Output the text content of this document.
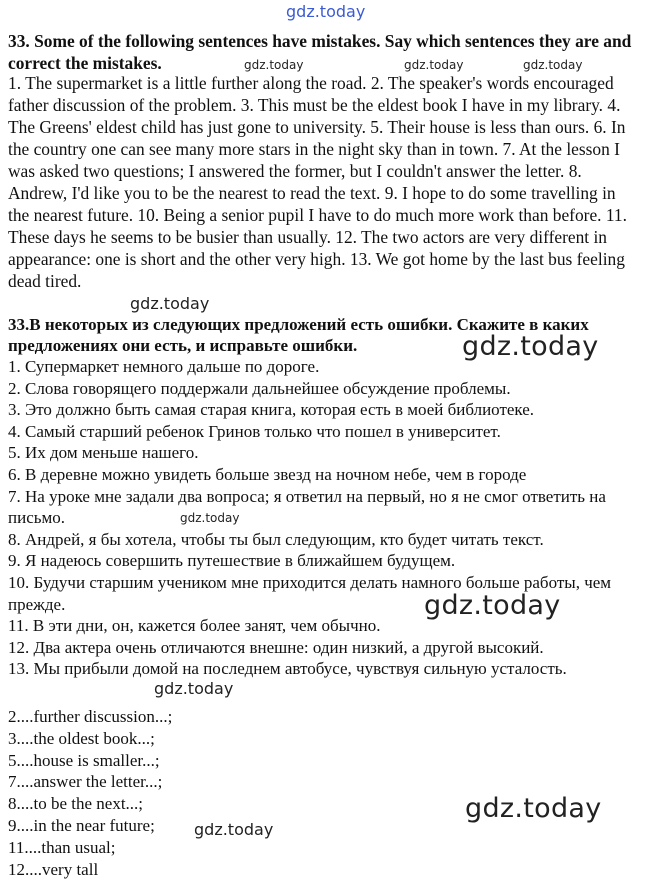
gdz.today
33. Some of the following sentences have mistakes. Say which sentences they are and correct the mistakes.
1. The supermarket is a little further along the road. 2. The speaker's words encouraged father discussion of the problem. 3. This must be the eldest book I have in my library. 4. The Greens' eldest child has just gone to university. 5. Their house is less than ours. 6. In the country one can see many more stars in the night sky than in town. 7. At the lesson I was asked two questions; I answered the former, but I couldn't answer the letter. 8. Andrew, I'd like you to be the nearest to read the text. 9. I hope to do some travelling in the nearest future. 10. Being a senior pupil I have to do much more work than before. 11. These days he seems to be busier than usually. 12. The two actors are very different in appearance: one is short and the other very high. 13. We got home by the last bus feeling dead tired.
gdz.today	gdz.today	gdz.today
gdz.today
33.В некоторых из следующих предложений есть ошибки. Скажите в каких предложениях они есть, и исправьте ошибки.	gdz.today
1. Супермаркет немного дальше по дороге.
2. Слова говорящего поддержали дальнейшее обсуждение проблемы.
3. Это должно быть самая старая книга, которая есть в моей библиотеке.
4. Самый старший ребенок Гринов только что пошел в университет.
5. Их дом меньше нашего.
6. В деревне можно увидеть больше звезд на ночном небе, чем в городе
7. На уроке мне задали два вопроса; я ответил на первый, но я не смог ответить на письмо.
8. Андрей, я бы хотела, чтобы ты был следующим, кто будет читать текст.
9. Я надеюсь совершить путешествие в ближайшем будущем.
10. Будучи старшим учеником мне приходится делать намного больше работы, чем прежде.
11. В эти дни, он, кажется более занят, чем обычно.
12. Два актера очень отличаются внешне: один низкий, а другой высокий.
13. Мы прибыли домой на последнем автобусе, чувствуя сильную усталость.
gdz.today
gdz.today
gdz.today
2....further discussion...;
3....the oldest book...;
5....house is smaller...;
7....answer the letter...;
8....to be the next...;
9....in the near future;
11....than usual;
12....very tall
gdz.today
gdz.today
